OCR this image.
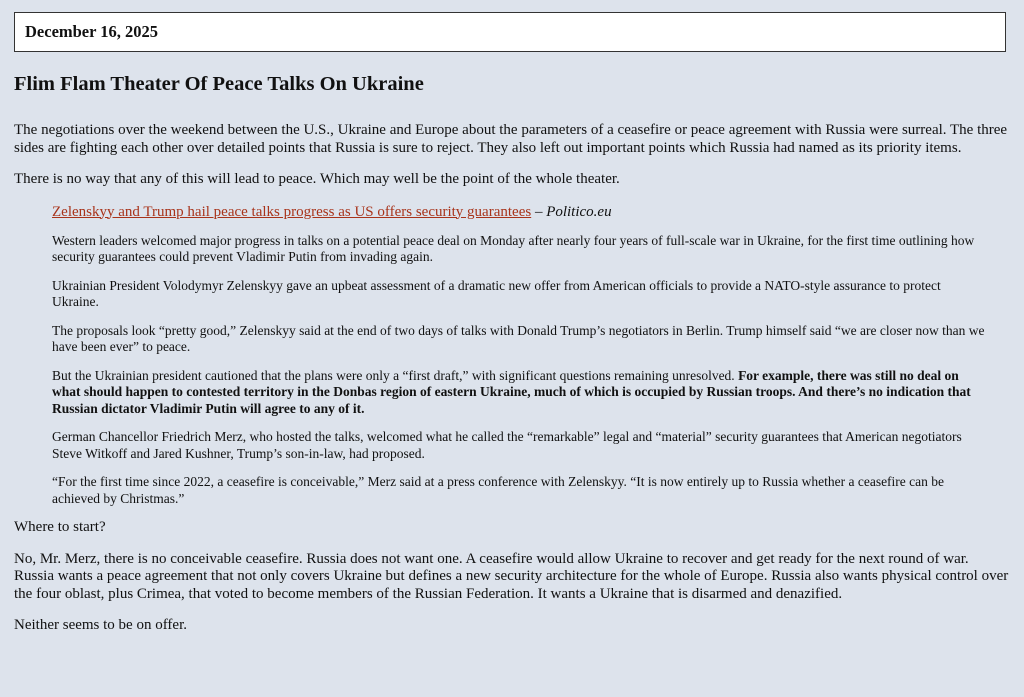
December 16, 2025
Flim Flam Theater Of Peace Talks On Ukraine

The negotiations over the weekend between the U.S., Ukraine and Europe about the parameters of a ceasefire or peace agreement with Russia were surreal. The three sides are fighting each other over detailed points that Russia is sure to reject. They also left out important points which Russia had named as its priority items.

There is no way that any of this will lead to peace. Which may well be the point of the whole theater.

Zelenskyy and Trump hail peace talks progress as US offers security guarantees – Politico.eu

Western leaders welcomed major progress in talks on a potential peace deal on Monday after nearly four years of full-scale war in Ukraine, for the first time outlining how security guarantees could prevent Vladimir Putin from invading again.

Ukrainian President Volodymyr Zelenskyy gave an upbeat assessment of a dramatic new offer from American officials to provide a NATO-style assurance to protect Ukraine.

The proposals look “pretty good,” Zelenskyy said at the end of two days of talks with Donald Trump’s negotiators in Berlin. Trump himself said “we are closer now than we have been ever” to peace.

But the Ukrainian president cautioned that the plans were only a “first draft,” with significant questions remaining unresolved. For example, there was still no deal on what should happen to contested territory in the Donbas region of eastern Ukraine, much of which is occupied by Russian troops. And there’s no indication that Russian dictator Vladimir Putin will agree to any of it.

German Chancellor Friedrich Merz, who hosted the talks, welcomed what he called the “remarkable” legal and “material” security guarantees that American negotiators Steve Witkoff and Jared Kushner, Trump’s son-in-law, had proposed.

“For the first time since 2022, a ceasefire is conceivable,” Merz said at a press conference with Zelenskyy. “It is now entirely up to Russia whether a ceasefire can be achieved by Christmas.”

Where to start?

No, Mr. Merz, there is no conceivable ceasefire. Russia does not want one. A ceasefire would allow Ukraine to recover and get ready for the next round of war. Russia wants a peace agreement that not only covers Ukraine but defines a new security architecture for the whole of Europe. Russia also wants physical control over the four oblast, plus Crimea, that voted to become members of the Russian Federation. It wants a Ukraine that is disarmed and denazified.

Neither seems to be on offer.
